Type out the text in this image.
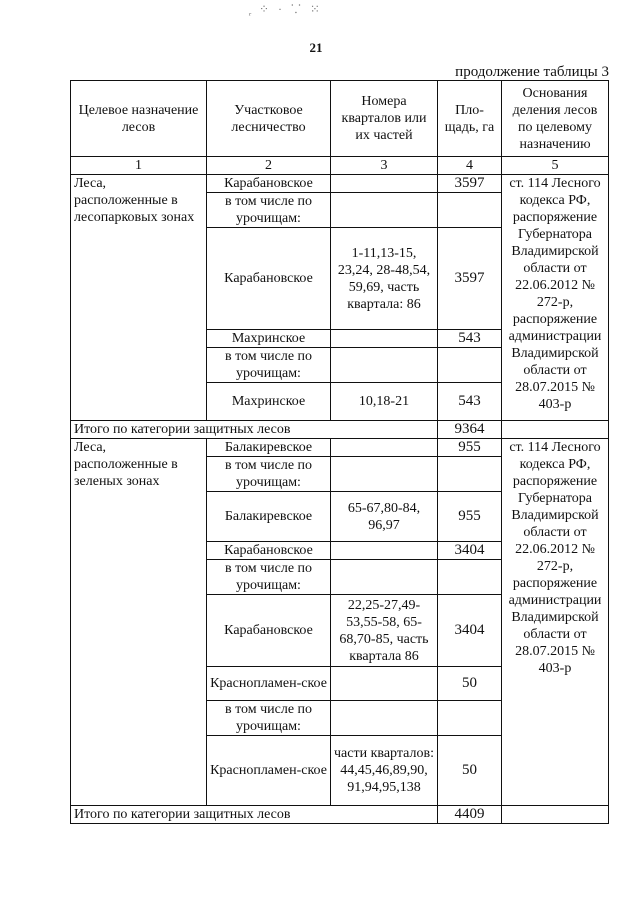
᷊ ⁘ · ⸪ ⁙
21
продолжение таблицы 3
Целевое назначение лесов	Участковое лесничество	Номера кварталов или их частей	Пло-щадь, га	Основания деления лесов по целевому назначению
1	2	3	4	5
Леса, расположенные в лесопарковых зонах	Карабановское		3597	ст. 114 Лесного кодекса РФ, распоряжение Губернатора Владимирской области от 22.06.2012 № 272-р, распоряжение администрации Владимирской области от 28.07.2015 № 403-р
	в том числе по урочищам:			
	Карабановское	1-11,13-15, 23,24, 28-48,54, 59,69, часть квартала: 86	3597	
	Махринское		543	
	в том числе по урочищам:			
	Махринское	10,18-21	543	
Итого по категории защитных лесов			9364	
Леса, расположенные в зеленых зонах	Балакиревское		955	ст. 114 Лесного кодекса РФ, распоряжение Губернатора Владимирской области от 22.06.2012 № 272-р, распоряжение администрации Владимирской области от 28.07.2015 № 403-р
	в том числе по урочищам:			
	Балакиревское	65-67,80-84, 96,97	955	
	Карабановское		3404	
	в том числе по урочищам:			
	Карабановское	22,25-27,49-53,55-58, 65-68,70-85, часть квартала 86	3404	
	Краснопламен-ское		50	
	в том числе по урочищам:			
	Краснопламен-ское	части кварталов: 44,45,46,89,90, 91,94,95,138	50	
Итого по категории защитных лесов			4409	
